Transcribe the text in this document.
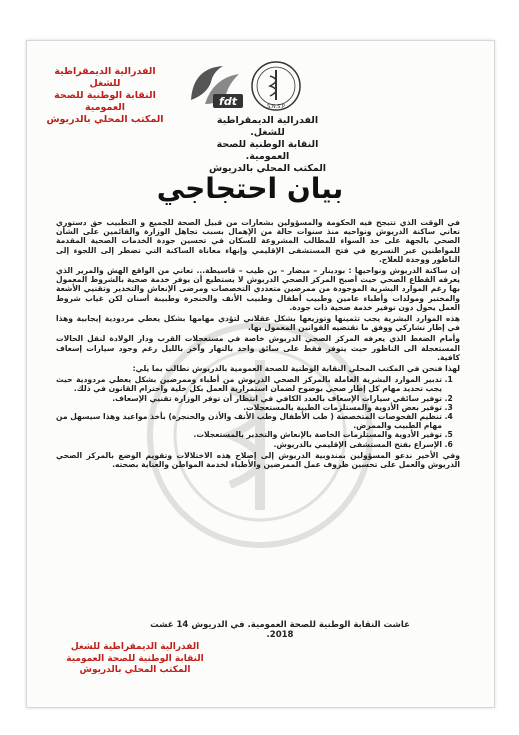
الفدرالية الديمقراطية للشغل
النقابة الوطنية للصحة العمومية
المكتب المحلي بالدريوش
fdt	S.N.S.P
الفدرالية الديمقراطية للشغل.
النقابة الوطنية للصحة العمومية.
المكتب المحلي بالدريوش
بيان احتجاجي

في الوقت الذي تتبجح فيه الحكومة والمسؤولين بشعارات من قبيل الصحة للجميع و التطبيب حق دستوري تعاني ساكنة الدريوش ونواحيه منذ سنوات حالة من الإهمال بسبب تجاهل الوزارة والقائمين على الشأن الصحي بالجهة على حد السواء للمطالب المشروعة للسكان في تحسين جودة الخدمات الصحية المقدمة للمواطنين عبر التسريع في فتح المستشفى الإقليمي وإنهاء معاناة الساكنة التي تضطر إلى اللجوء إلى الناظور ووجدة للعلاج.

إن ساكنة الدريوش ونواحيها : بودينار – ميضار – بن طيب – قاسيطة... تعاني من الواقع الهش والمرير الذي يعرفه القطاع الصحي حيث أصبح المركز الصحي الدريوش لا يستطيع أن يوفر خدمة صحية بالشروط المعمول بها رغم الموارد البشرية الموجودة من ممرضين متعددي التخصصات ومرضى الإنعاش والتخدير وتقنيي الأشعة والمختبر ومولدات وأطباء عامين وطبيب أطفال وطبيب الأنف والحنجرة وطبيبة أسنان لكن غياب شروط العمل يحول دون توفير خدمة صحية ذات جودة.

هذه الموارد البشرية يجب تثمينها وتوزيعها بشكل عقلاني لتؤدي مهامها بشكل يعطي مردودية إيجابية وهذا في إطار تشاركي ووفق ما تقتضيه القوانين المعمول بها.

وأمام الضغط الذي يعرفه المركز الصحي الدريوش خاصة في مستعجلات القرب ودار الولادة لنقل الحالات المستعجلة الى الناظور حيث يتوفر فقط على سائق واحد بالنهار وآخر بالليل رغم وجود سيارات إسعاف كافية.

لهذا فنحن في المكتب المحلي النقابة الوطنية للصحة العمومية بالدريوش نطالب بما يلي:

1. تدبير الموارد البشرية العاملة بالمركز الصحي الدريوش من أطباء وممرضين بشكل يعطي مردودية حيث يجب تحديد مهام كل إطار صحي بوضوح لضمان استمرارية العمل بكل خلية واحترام القانون في ذلك.
2. توفير سائقي سيارات الإسعاف بالعدد الكافي في انتظار أن توفر الوزارة تقنيي الإسعاف.
3. توفير بعض الأدوية والمستلزمات الطبية بالمستعجلات.
4. تنظيم الفحوصات المتخصصة ( طب الأطفال وطب الأنف والأذن والحنجرة) بأخذ مواعيد وهذا سيسهل من مهام الطبيب والممرض.
5. توفير الأدوية والمستلزمات الخاصة بالإنعاش والتخدير بالمستعجلات.
6. الإسراع بفتح المستشفى الإقليمي بالدريوش.

وفي الأخير ندعو المسؤولين بمندوبية الدريوش إلى إصلاح هذه الاختلالات وتقويم الوضع بالمركز الصحي الدريوش والعمل على تحسين ظروف عمل الممرضين والأطباء لخدمة المواطن والعناية بصحته.

عاشت النقابة الوطنية للصحة العمومية. في الدريوش 14 غشت 2018.
الفدرالية الديمقراطية للشغل
النقابة الوطنية للصحة العمومية
المكتب المحلي بالدريوش
